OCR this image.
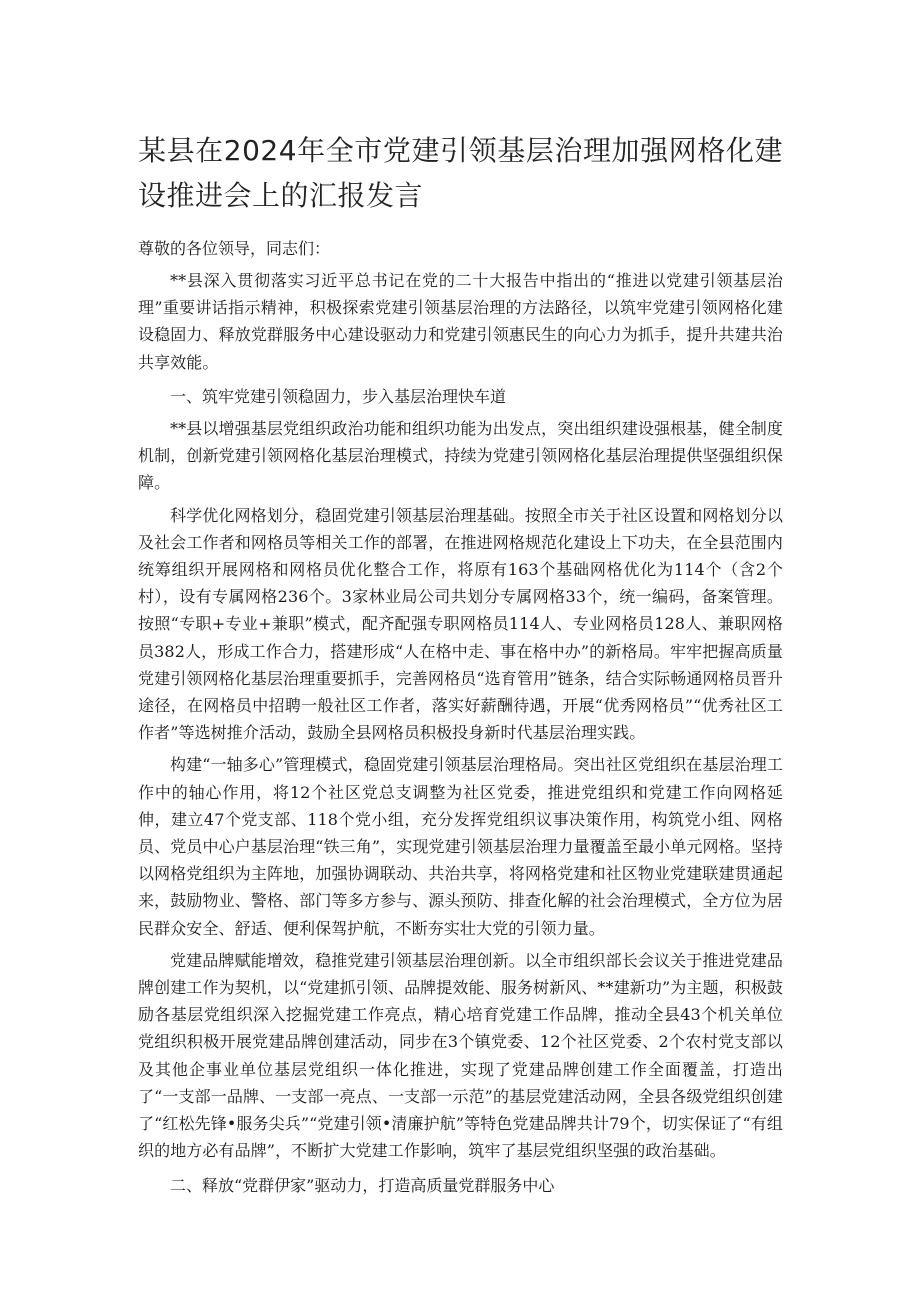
某县在2024年全市党建引领基层治理加强网格化建设推进会上的汇报发言

尊敬的各位领导，同志们：

**县深入贯彻落实习近平总书记在党的二十大报告中指出的“推进以党建引领基层治理”重要讲话指示精神，积极探索党建引领基层治理的方法路径，以筑牢党建引领网格化建设稳固力、释放党群服务中心建设驱动力和党建引领惠民生的向心力为抓手，提升共建共治共享效能。

一、筑牢党建引领稳固力，步入基层治理快车道

**县以增强基层党组织政治功能和组织功能为出发点，突出组织建设强根基，健全制度机制，创新党建引领网格化基层治理模式，持续为党建引领网格化基层治理提供坚强组织保障。

科学优化网格划分，稳固党建引领基层治理基础。按照全市关于社区设置和网格划分以及社会工作者和网格员等相关工作的部署，在推进网格规范化建设上下功夫，在全县范围内统筹组织开展网格和网格员优化整合工作，将原有163个基础网格优化为114个（含2个村），设有专属网格236个。3家林业局公司共划分专属网格33个，统一编码，备案管理。按照“专职+专业+兼职”模式，配齐配强专职网格员114人、专业网格员128人、兼职网格员382人，形成工作合力，搭建形成“人在格中走、事在格中办”的新格局。牢牢把握高质量党建引领网格化基层治理重要抓手，完善网格员“选育管用”链条，结合实际畅通网格员晋升途径，在网格员中招聘一般社区工作者，落实好薪酬待遇，开展“优秀网格员”“优秀社区工作者”等选树推介活动，鼓励全县网格员积极投身新时代基层治理实践。

构建“一轴多心”管理模式，稳固党建引领基层治理格局。突出社区党组织在基层治理工作中的轴心作用，将12个社区党总支调整为社区党委，推进党组织和党建工作向网格延伸，建立47个党支部、118个党小组，充分发挥党组织议事决策作用，构筑党小组、网格员、党员中心户基层治理“铁三角”，实现党建引领基层治理力量覆盖至最小单元网格。坚持以网格党组织为主阵地，加强协调联动、共治共享，将网格党建和社区物业党建联建贯通起来，鼓励物业、警格、部门等多方参与、源头预防、排查化解的社会治理模式，全方位为居民群众安全、舒适、便利保驾护航，不断夯实壮大党的引领力量。

党建品牌赋能增效，稳推党建引领基层治理创新。以全市组织部长会议关于推进党建品牌创建工作为契机，以“党建抓引领、品牌提效能、服务树新风、**建新功”为主题，积极鼓励各基层党组织深入挖掘党建工作亮点，精心培育党建工作品牌，推动全县43个机关单位党组织积极开展党建品牌创建活动，同步在3个镇党委、12个社区党委、2个农村党支部以及其他企事业单位基层党组织一体化推进，实现了党建品牌创建工作全面覆盖，打造出了“一支部一品牌、一支部一亮点、一支部一示范”的基层党建活动网，全县各级党组织创建了“红松先锋•服务尖兵”“党建引领•清廉护航”等特色党建品牌共计79个，切实保证了“有组织的地方必有品牌”，不断扩大党建工作影响，筑牢了基层党组织坚强的政治基础。

二、释放“党群伊家”驱动力，打造高质量党群服务中心
